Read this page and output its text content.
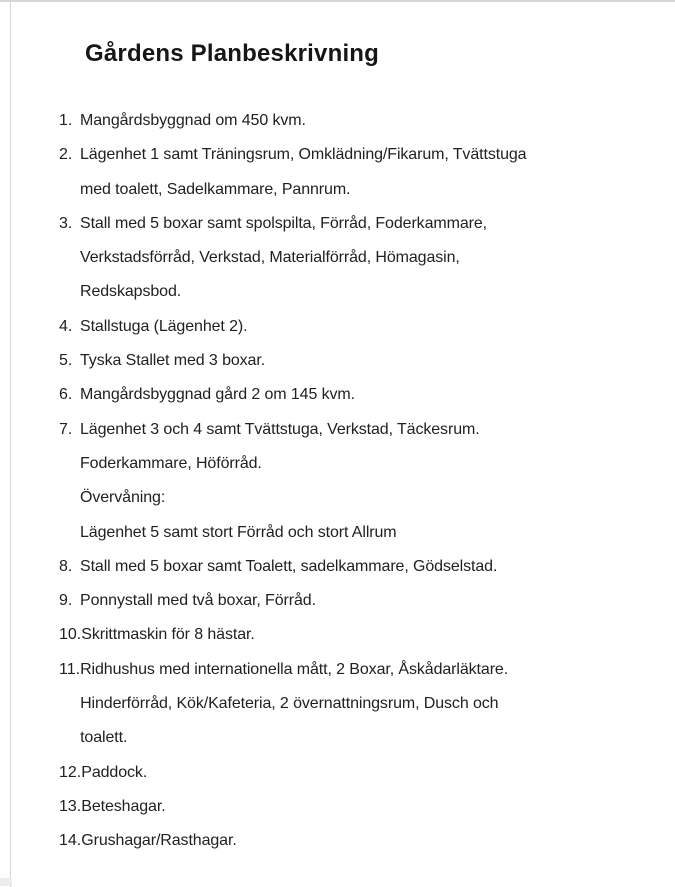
Gårdens Planbeskrivning
1. Mangårdsbyggnad om 450 kvm.
2. Lägenhet 1 samt Träningsrum, Omklädning/Fikarum, Tvättstuga
med toalett, Sadelkammare, Pannrum.
3. Stall med 5 boxar samt spolspilta, Förråd, Foderkammare,
Verkstadsförråd, Verkstad, Materialförråd, Hömagasin,
Redskapsbod.
4. Stallstuga (Lägenhet 2).
5. Tyska Stallet med 3 boxar.
6. Mangårdsbyggnad gård 2 om 145 kvm.
7. Lägenhet 3 och 4 samt Tvättstuga, Verkstad, Täckesrum.
Foderkammare, Höförråd.
Övervåning:
Lägenhet 5 samt stort Förråd och stort Allrum
8. Stall med 5 boxar samt Toalett, sadelkammare, Gödselstad.
9. Ponnystall med två boxar, Förråd.
10. Skrittmaskin för 8 hästar.
11. Ridhushus med internationella mått, 2 Boxar, Åskådarläktare.
Hinderförråd, Kök/Kafeteria, 2 övernattningsrum, Dusch och
toalett.
12. Paddock.
13. Beteshagar.
14. Grushagar/Rasthagar.
